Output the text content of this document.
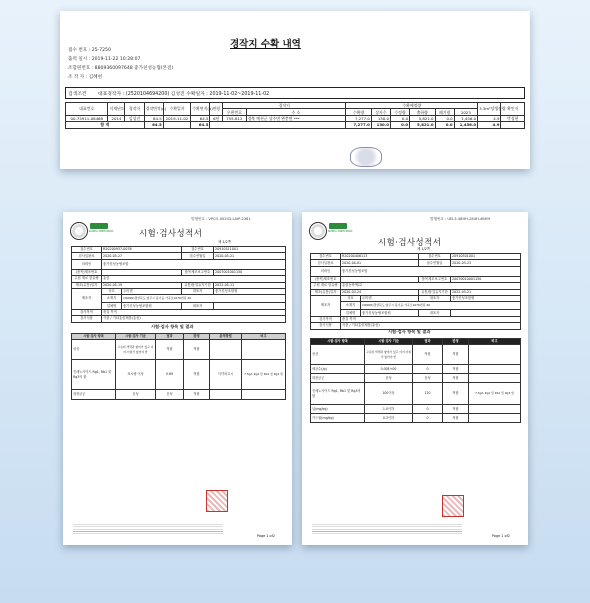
경작지 수확 내역
접수 번호 : 25-7250
출력 일시 : 2019-11-22 10:28:07
조합원번호 : 8809360097648 좋가친성농협(본점)
조 작 자 : 김혜현
검색조건 대표경작자 : (2520104694200) 김성진 수확일자 : 2019-11-02~2019-11-02
대표번호	식재년도	경작자	경작면적(a)	수확일자	수확면적(a)	연령	경작지		수확예정량						3.3m²당생산량	확인자
							우편번호	주 소	수확량	상자수	수정량	출하량	폐기량	2023		
00-75911-08468	2014	김성진	64.5	2019-11-02	64.5	6년	755-812	경북 예천군 상주면 완충면 ***	7,277.0	130.0	0.0	5,821.0	0.0	1,456.0	4.9	박경현
합 계			64.5		64.5				7,277.0	130.0	0.0	5,821.0	0.0	1,456.0	4.9	
발행번호 : VPCO-00243-LAIP-2361
KOREA MIRECPARC	시험·검사성적서
제 1/2쪽
접수번호	R20200937-0076		접수번호	20910511001
검사일완료	2020-05-27		접수연월일	2020-05-21
의뢰인	좋가친성농협조합			
(품목)제조번호			품목제조보고번호	2007001001150
주원 재료 함유량	흥삼			
제조(유통)일자	2020-05-19		유통/품질유지기한	2022-05-11
제조자	상호	우미렌	대표자	좋가친성조합원
	소재지	(36000)경상북도 영주시 풍기읍 가곡로1076번길 46		
	업체명	좋가친성농협조합원	대표자	
검사목적	품질 목적			
검사식품	식품 / 기타흥삼제품(흥삼)			
시험·검사 항목 및 결과
시험·검사 항목	시험·검사 기준	결과	판정	분석방법	비고
성상	고유의 색택과 향미가 있고 이미·이취가 없어야 함	적합	적합		
진세노사이드 Rg1, Rb1 및 Rg3의 합	표시량 이상	0.69	적합	식약처고시	7.5g/L Rg1 및 Rb1 및 Rg3 합
대장균군	음성	음성	적합		
Page 1 of2
발행번호 : UEL3-48HH-284H-4BHH
KOREA MIRECPARC
시험·검사성적서
제 1/2쪽
접수번호	R20200406113		접수번호	20910501001
검사일완료	2020-04-01		접수연월일	2020-03-23
의뢰인	좋가친성농협조합			
(품목)제조번호			품목제조보고번호	20070010001150
주원 재료 함유량	흥삼농축액12			
제조(유통)일자	2020-03-24		유통/품질유지기한	2022-03-21
제조자	상호	우미렌	대표자	좋가친성조합원
	소재지	(36000)경상북도 영주시 풍기읍 가곡로1076번길 46		
	업체명	좋가친성농협조합원	대표자	
검사목적	품질 목적			
검사식품	식품 / 기타흥삼제품(흥삼)			
시험·검사 항목 및 결과
시험·검사 항목	시험·검사 기준	결과	판정	비고
성상	고유의 색택과 향미가 있고 이미·이취가 없어야 함	적합	적합	
세균수(/g)	0.00E+00	0	적합	
대장균군	음성	음성	적합	
진세노사이드 Rg1, Rb1 및 Rg3의 합	100이상	120	적합	7.5g/L Rg1 및 Rb1 및 Rg3 합
납(mg/kg)	1.0이하	0	적합	
카드뮴(mg/kg)	0.3이하	0	적합	
Page 1 of2
